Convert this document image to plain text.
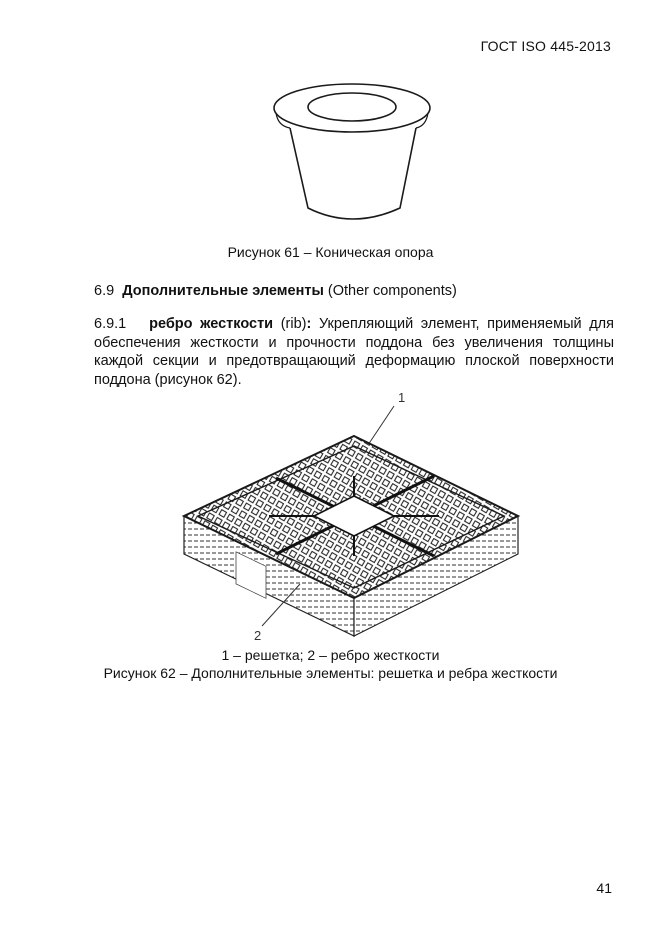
ГОСТ ISO 445-2013
Рисунок 61 – Коническая опора
6.9 Дополнительные элементы (Other components)
6.9.1 ребро жесткости (rib): Укрепляющий элемент, применяемый для обеспечения жесткости и прочности поддона без увеличения толщины каждой секции и предотвращающий деформацию плоской поверхности поддона (рисунок 62).
1
2
1 – решетка; 2 – ребро жесткости
Рисунок 62 – Дополнительные элементы: решетка и ребра жесткости
41
